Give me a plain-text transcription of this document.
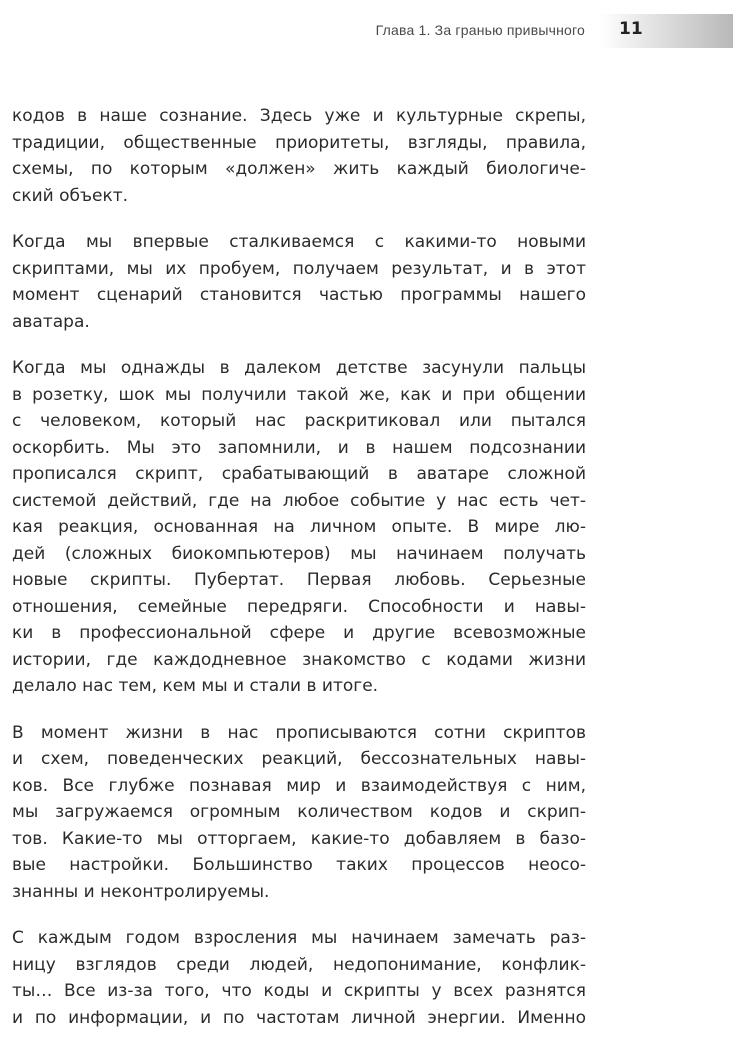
Глава 1. За гранью привычного 11

кодов в наше сознание. Здесь уже и культурные скрепы,
традиции, общественные приоритеты, взгляды, правила,
схемы, по которым «должен» жить каждый биологиче-
ский объект.

Когда мы впервые сталкиваемся с какими-то новыми
скриптами, мы их пробуем, получаем результат, и в этот
момент сценарий становится частью программы нашего
аватара.

Когда мы однажды в далеком детстве засунули пальцы
в розетку, шок мы получили такой же, как и при общении
с человеком, который нас раскритиковал или пытался
оскорбить. Мы это запомнили, и в нашем подсознании
прописался скрипт, срабатывающий в аватаре сложной
системой действий, где на любое событие у нас есть чет-
кая реакция, основанная на личном опыте. В мире лю-
дей (сложных биокомпьютеров) мы начинаем получать
новые скрипты. Пубертат. Первая любовь. Серьезные
отношения, семейные передряги. Способности и навы-
ки в профессиональной сфере и другие всевозможные
истории, где каждодневное знакомство с кодами жизни
делало нас тем, кем мы и стали в итоге.

В момент жизни в нас прописываются сотни скриптов
и схем, поведенческих реакций, бессознательных навы-
ков. Все глубже познавая мир и взаимодействуя с ним,
мы загружаемся огромным количеством кодов и скрип-
тов. Какие-то мы отторгаем, какие-то добавляем в базо-
вые настройки. Большинство таких процессов неосо-
знанны и неконтролируемы.

С каждым годом взросления мы начинаем замечать раз-
ницу взглядов среди людей, недопонимание, конфлик-
ты… Все из-за того, что коды и скрипты у всех разнятся
и по информации, и по частотам личной энергии. Именно
